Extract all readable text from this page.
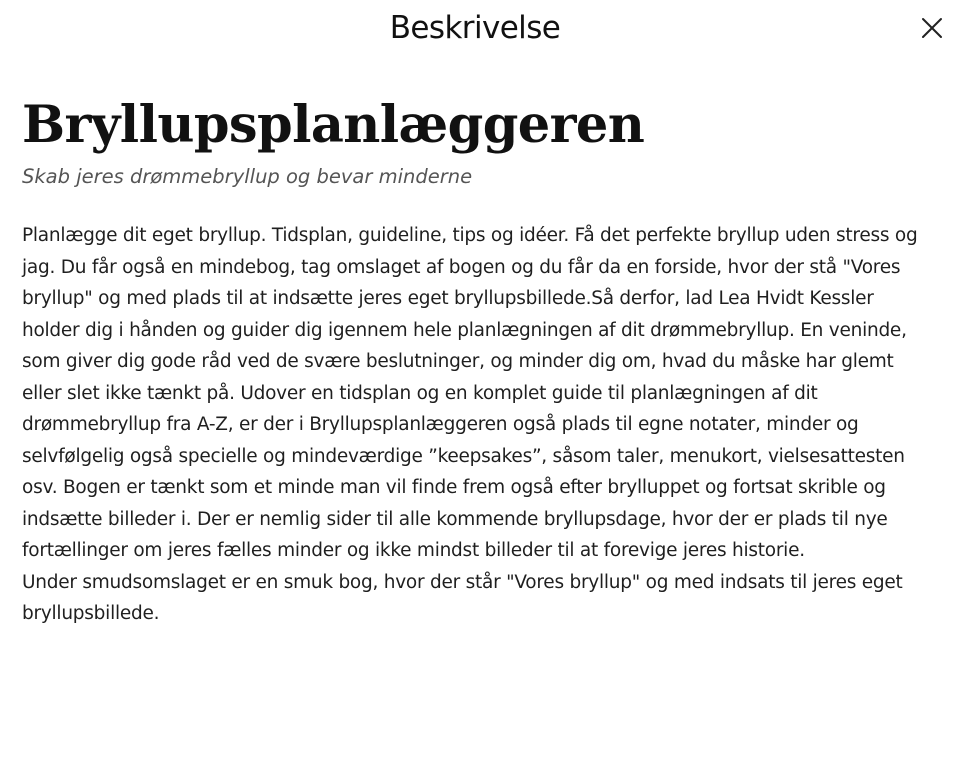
Beskrivelse
Bryllupsplanlæggeren

Skab jeres drømmebryllup og bevar minderne

Planlægge dit eget bryllup. Tidsplan, guideline, tips og idéer. Få det perfekte bryllup uden stress og jag. Du får også en mindebog, tag omslaget af bogen og du får da en forside, hvor der stå "Vores bryllup" og med plads til at indsætte jeres eget bryllupsbillede.Så derfor, lad Lea Hvidt Kessler holder dig i hånden og guider dig igennem hele planlægningen af dit drømmebryllup. En veninde, som giver dig gode råd ved de svære beslutninger, og minder dig om, hvad du måske har glemt eller slet ikke tænkt på. Udover en tidsplan og en komplet guide til planlægningen af dit drømmebryllup fra A-Z, er der i Bryllupsplanlæggeren også plads til egne notater, minder og selvfølgelig også specielle og mindeværdige ”keepsakes”, såsom taler, menukort, vielsesattesten osv. Bogen er tænkt som et minde man vil finde frem også efter brylluppet og fortsat skrible og indsætte billeder i. Der er nemlig sider til alle kommende bryllupsdage, hvor der er plads til nye fortællinger om jeres fælles minder og ikke mindst billeder til at forevige jeres historie.
Under smudsomslaget er en smuk bog, hvor der står "Vores bryllup" og med indsats til jeres eget bryllupsbillede.
